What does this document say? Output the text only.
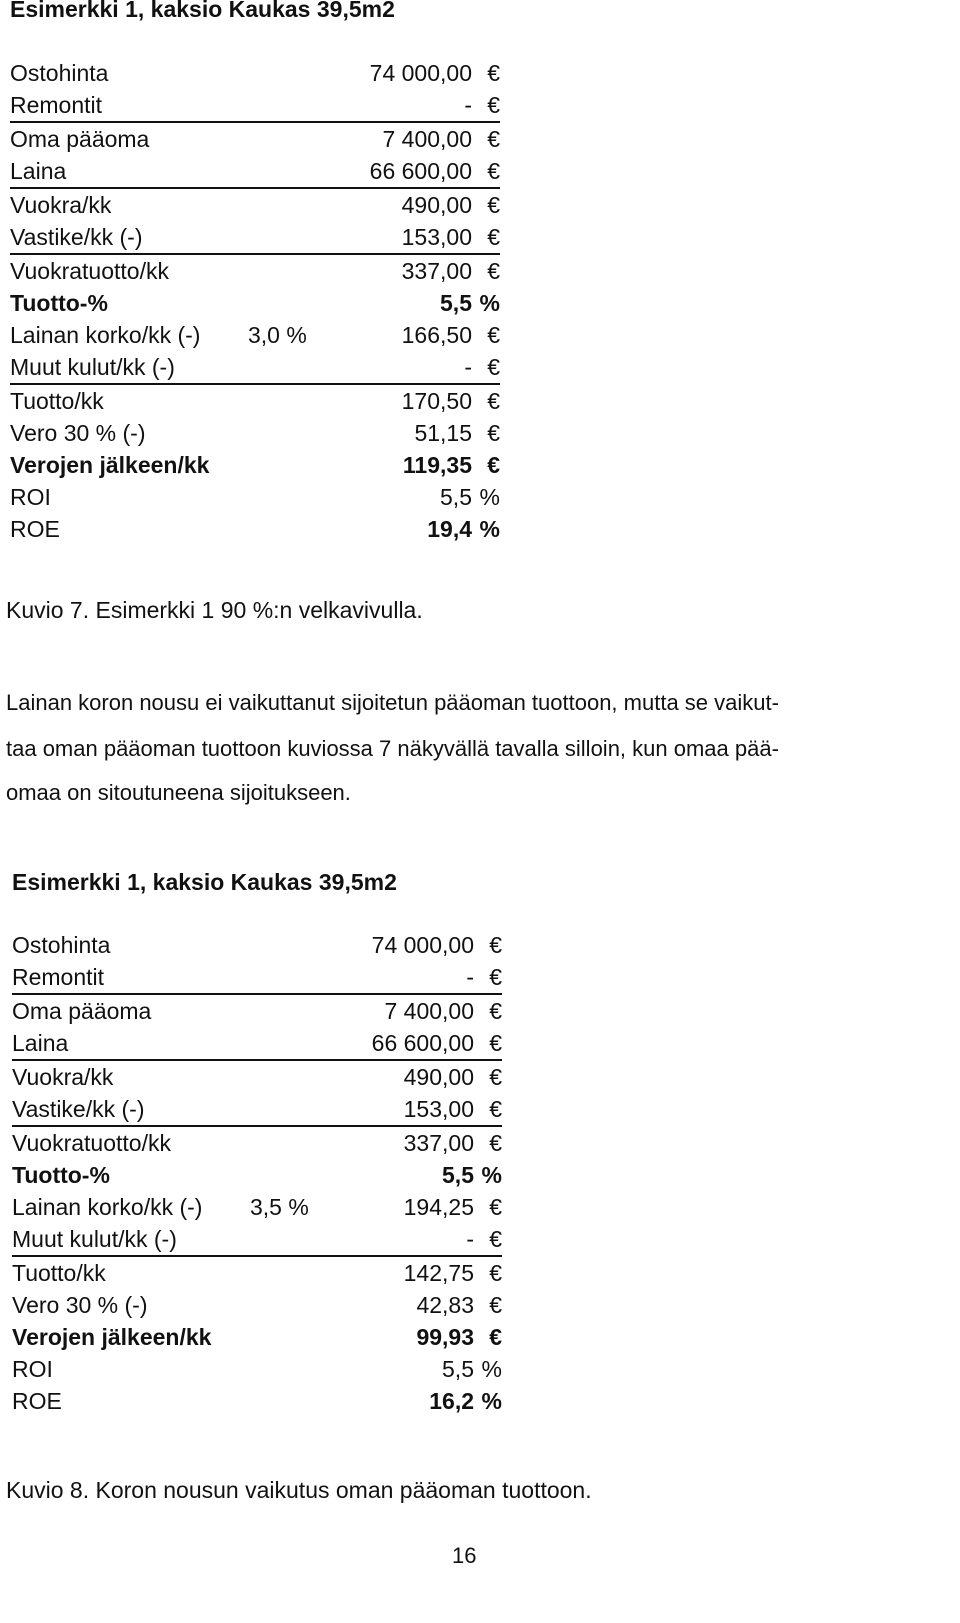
Esimerkki 1, kaksio Kaukas 39,5m2
Ostohinta		74 000,00	€
Remontit		-	€
Oma pääoma		7 400,00	€
Laina		66 600,00	€
Vuokra/kk		490,00	€
Vastike/kk (-)		153,00	€
Vuokratuotto/kk		337,00	€
Tuotto-%		5,5	%
Lainan korko/kk (-)	3,0 %	166,50	€
Muut kulut/kk (-)		-	€
Tuotto/kk		170,50	€
Vero 30 % (-)		51,15	€
Verojen jälkeen/kk		119,35	€
ROI		5,5	%
ROE		19,4	%
Kuvio 7. Esimerkki 1 90 %:n velkavivulla.
Lainan koron nousu ei vaikuttanut sijoitetun pääoman tuottoon, mutta se vaikut-
taa oman pääoman tuottoon kuviossa 7 näkyvällä tavalla silloin, kun omaa pää-
omaa on sitoutuneena sijoitukseen.
Esimerkki 1, kaksio Kaukas 39,5m2
Ostohinta		74 000,00	€
Remontit		-	€
Oma pääoma		7 400,00	€
Laina		66 600,00	€
Vuokra/kk		490,00	€
Vastike/kk (-)		153,00	€
Vuokratuotto/kk		337,00	€
Tuotto-%		5,5	%
Lainan korko/kk (-)	3,5 %	194,25	€
Muut kulut/kk (-)		-	€
Tuotto/kk		142,75	€
Vero 30 % (-)		42,83	€
Verojen jälkeen/kk		99,93	€
ROI		5,5	%
ROE		16,2	%
Kuvio 8. Koron nousun vaikutus oman pääoman tuottoon.
16
